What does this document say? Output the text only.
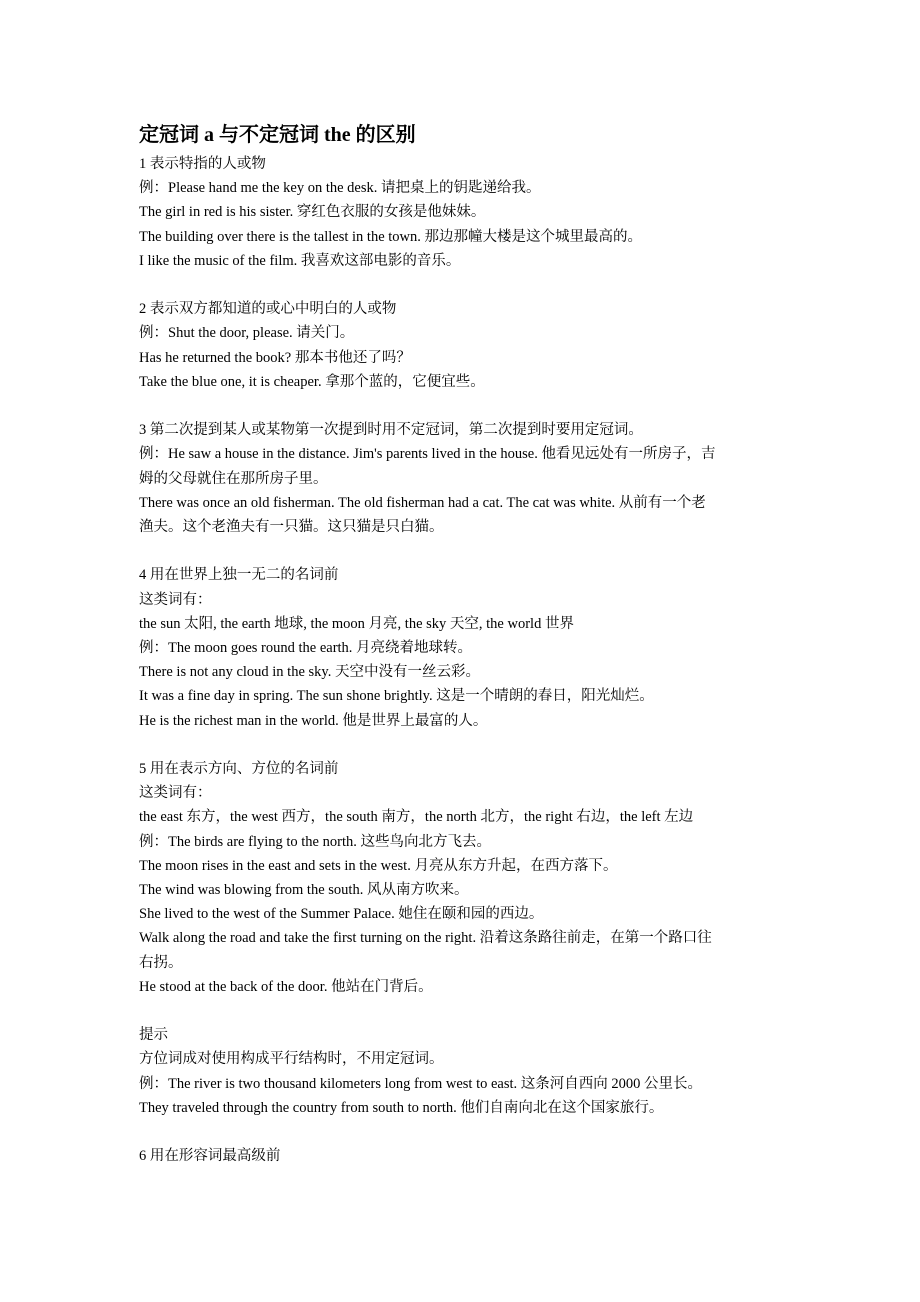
定冠词 a 与不定冠词 the 的区别

1 表示特指的人或物

例：Please hand me the key on the desk. 请把桌上的钥匙递给我。

The girl in red is his sister. 穿红色衣服的女孩是他妹妹。

The building over there is the tallest in the town. 那边那幢大楼是这个城里最高的。

I like the music of the film. 我喜欢这部电影的音乐。

2 表示双方都知道的或心中明白的人或物

例：Shut the door, please. 请关门。

Has he returned the book? 那本书他还了吗？

Take the blue one, it is cheaper. 拿那个蓝的，它便宜些。

3 第二次提到某人或某物第一次提到时用不定冠词，第二次提到时要用定冠词。

例：He saw a house in the distance. Jim's parents lived in the house. 他看见远处有一所房子，吉

姆的父母就住在那所房子里。

There was once an old fisherman. The old fisherman had a cat. The cat was white. 从前有一个老

渔夫。这个老渔夫有一只猫。这只猫是只白猫。

4 用在世界上独一无二的名词前

这类词有：

the sun 太阳, the earth 地球, the moon 月亮, the sky 天空, the world 世界

例：The moon goes round the earth. 月亮绕着地球转。

There is not any cloud in the sky. 天空中没有一丝云彩。

It was a fine day in spring. The sun shone brightly. 这是一个晴朗的春日，阳光灿烂。

He is the richest man in the world. 他是世界上最富的人。

5 用在表示方向、方位的名词前

这类词有：

the east 东方，the west 西方，the south 南方，the north 北方，the right 右边，the left 左边

例：The birds are flying to the north. 这些鸟向北方飞去。

The moon rises in the east and sets in the west. 月亮从东方升起，在西方落下。

The wind was blowing from the south. 风从南方吹来。

She lived to the west of the Summer Palace. 她住在颐和园的西边。

Walk along the road and take the first turning on the right. 沿着这条路往前走，在第一个路口往

右拐。

He stood at the back of the door. 他站在门背后。

提示

方位词成对使用构成平行结构时，不用定冠词。

例：The river is two thousand kilometers long from west to east. 这条河自西向 2000 公里长。

They traveled through the country from south to north. 他们自南向北在这个国家旅行。

6 用在形容词最高级前
